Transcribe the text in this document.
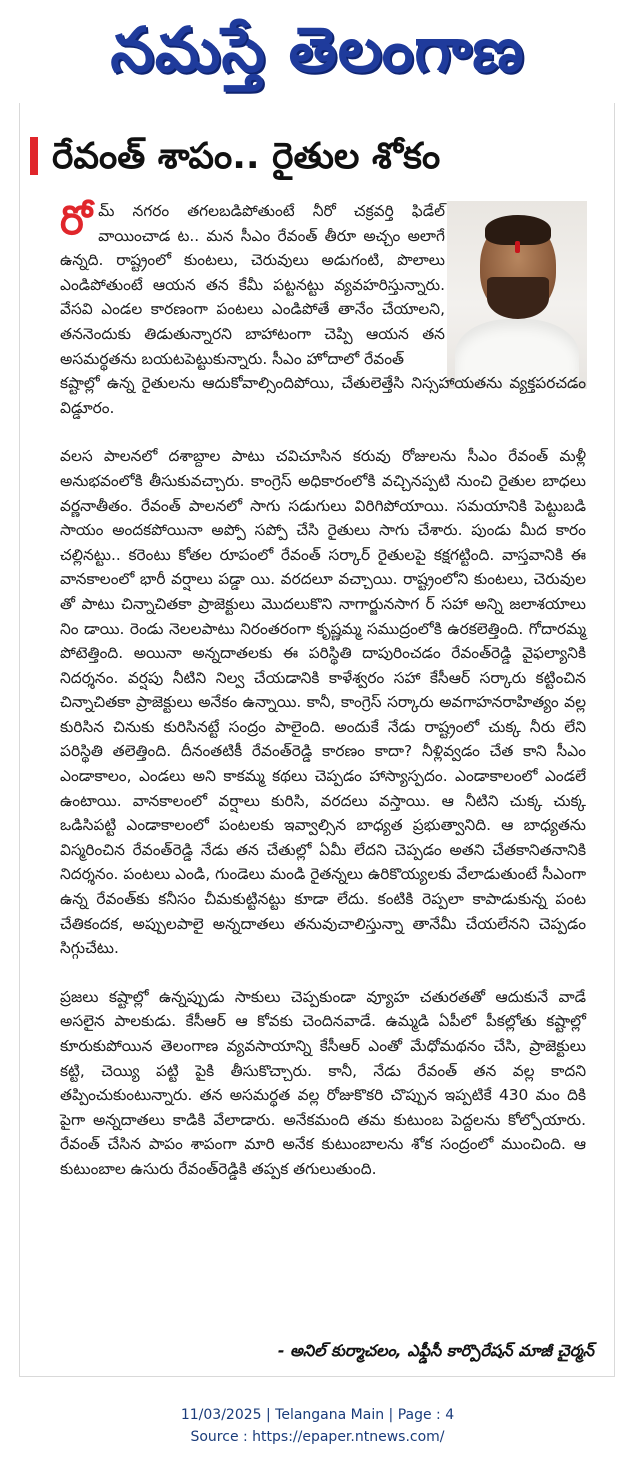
నమస్తే తెలంగాణ
రేవంత్ శాపం.. రైతుల శోకం

రోమ్ నగరం తగలబడిపోతుంటే నీరో చక్రవర్తి ఫిడేల్ వాయించాడ ట.. మన సీఎం రేవంత్ తీరూ అచ్చం అలాగే ఉన్నది. రాష్ట్రంలో కుంటలు, చెరువులు అడుగంటి, పొలాలు ఎండిపోతుంటే ఆయన తన కేమీ పట్టనట్టు వ్యవహరిస్తున్నారు. వేసవి ఎండల కారణంగా పంటలు ఎండిపోతే తానేం చేయాలని, తననెందుకు తిడుతున్నారని బాహాటంగా చెప్పి ఆయన తన అసమర్థతను బయటపెట్టుకున్నారు. సీఎం హోదాలో రేవంత్

కష్టాల్లో ఉన్న రైతులను ఆదుకోవాల్సిందిపోయి, చేతులెత్తేసి నిస్సహాయతను వ్యక్తపరచడం విడ్డూరం.

వలస పాలనలో దశాబ్దాల పాటు చవిచూసిన కరువు రోజులను సీఎం రేవంత్ మళ్లీ అనుభవంలోకి తీసుకువచ్చారు. కాంగ్రెస్ అధికారంలోకి వచ్చినప్పటి నుంచి రైతుల బాధలు వర్ణనాతీతం. రేవంత్ పాలనలో సాగు సడుగులు విరిగిపోయాయి. సమయానికి పెట్టుబడి సాయం అందకపోయినా అప్పో సప్పో చేసి రైతులు సాగు చేశారు. పుండు మీద కారం చల్లినట్టు.. కరెంటు కోతల రూపంలో రేవంత్ సర్కార్ రైతులపై కక్షగట్టింది. వాస్తవానికి ఈ వానకాలంలో భారీ వర్షాలు పడ్డా యి. వరదలూ వచ్చాయి. రాష్ట్రంలోని కుంటలు, చెరువుల తో పాటు చిన్నాచితకా ప్రాజెక్టులు మొదలుకొని నాగార్జునసాగ ర్ సహా అన్ని జలాశయాలు నిం డాయి. రెండు నెలలపాటు నిరంతరంగా కృష్ణమ్మ సముద్రంలోకి ఉరకలెత్తింది. గోదారమ్మ పోటెత్తింది. అయినా అన్నదాతలకు ఈ పరిస్థితి దాపురించడం రేవంత్‌రెడ్డి వైఫల్యానికి నిదర్శనం. వర్షపు నీటిని నిల్వ చేయడానికి కాళేశ్వరం సహా కేసీఆర్ సర్కారు కట్టించిన చిన్నాచితకా ప్రాజెక్టులు అనేకం ఉన్నాయి. కానీ, కాంగ్రెస్ సర్కారు అవగాహనరాహిత్యం వల్ల కురిసిన చినుకు కురిసినట్టే సంద్రం పాలైంది. అందుకే నేడు రాష్ట్రంలో చుక్క నీరు లేని పరిస్థితి తలెత్తింది. దీనంతటికీ రేవంత్‌రెడ్డి కారణం కాదా? నీళ్లివ్వడం చేత కాని సీఎం ఎండాకాలం, ఎండలు అని కాకమ్మ కథలు చెప్పడం హాస్యాస్పదం. ఎండాకాలంలో ఎండలే ఉంటాయి. వానకాలంలో వర్షాలు కురిసి, వరదలు వస్తాయి. ఆ నీటిని చుక్క చుక్క ఒడిసిపట్టి ఎండాకాలంలో పంటలకు ఇవ్వాల్సిన బాధ్యత ప్రభుత్వానిది. ఆ బాధ్యతను విస్మరించిన రేవంత్‌రెడ్డి నేడు తన చేతుల్లో ఏమీ లేదని చెప్పడం అతని చేతకానితనానికి నిదర్శనం. పంటలు ఎండి, గుండెలు మండి రైతన్నలు ఉరికొయ్యలకు వేలాడుతుంటే సీఎంగా ఉన్న రేవంత్‌కు కనీసం చీమకుట్టినట్టు కూడా లేదు. కంటికి రెప్పలా కాపాడుకున్న పంట చేతికందక, అప్పులపాలై అన్నదాతలు తనువుచాలిస్తున్నా తానేమీ చేయలేనని చెప్పడం సిగ్గుచేటు.

ప్రజలు కష్టాల్లో ఉన్నప్పుడు సాకులు చెప్పకుండా వ్యూహ చతురతతో ఆదుకునే వాడే అసలైన పాలకుడు. కేసీఆర్ ఆ కోవకు చెందినవాడే. ఉమ్మడి ఏపీలో పీకల్లోతు కష్టాల్లో కూరుకుపోయిన తెలంగాణ వ్యవసాయాన్ని కేసీఆర్ ఎంతో మేధోమథనం చేసి, ప్రాజెక్టులు కట్టి, చెయ్యి పట్టి పైకి తీసుకొచ్చారు. కానీ, నేడు రేవంత్ తన వల్ల కాదని తప్పించుకుంటున్నారు. తన అసమర్థత వల్ల రోజుకొకరి చొప్పున ఇప్పటికే 430 మం దికి పైగా అన్నదాతలు కాడికి వేలాడారు. అనేకమంది తమ కుటుంబ పెద్దలను కోల్పోయారు. రేవంత్ చేసిన పాపం శాపంగా మారి అనేక కుటుంబాలను శోక సంద్రంలో ముంచింది. ఆ కుటుంబాల ఉసురు రేవంత్‌రెడ్డికి తప్పక తగులుతుంది.

- అనిల్ కుర్మాచలం, ఎఫ్డీసీ కార్పొరేషన్ మాజీ చైర్మన్
11/03/2025 | Telangana Main | Page : 4
Source : https://epaper.ntnews.com/
